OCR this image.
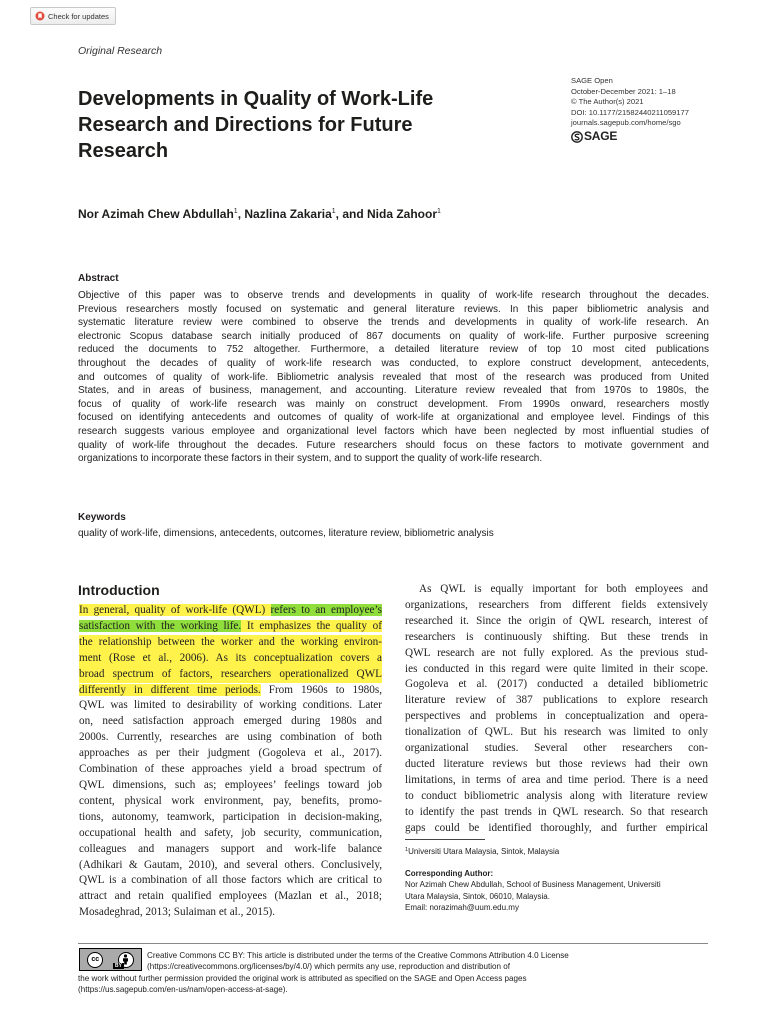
Check for updates
Original Research
Developments in Quality of Work-Life
Research and Directions for Future
Research
SAGE Open
October-December 2021: 1–18
© The Author(s) 2021
DOI: 10.1177/21582440211059177
journals.sagepub.com/home/sgo
SAGE
Nor Azimah Chew Abdullah$^1$, Nazlina Zakaria$^1$, and Nida Zahoor$^1$
Abstract
Objective of this paper was to observe trends and developments in quality of work-life research throughout the decades.
Previous researchers mostly focused on systematic and general literature reviews. In this paper bibliometric analysis and
systematic literature review were combined to observe the trends and developments in quality of work-life research. An
electronic Scopus database search initially produced of 867 documents on quality of work-life. Further purposive screening
reduced the documents to 752 altogether. Furthermore, a detailed literature review of top 10 most cited publications
throughout the decades of quality of work-life research was conducted, to explore construct development, antecedents,
and outcomes of quality of work-life. Bibliometric analysis revealed that most of the research was produced from United
States, and in areas of business, management, and accounting. Literature review revealed that from 1970s to 1980s, the
focus of quality of work-life research was mainly on construct development. From 1990s onward, researchers mostly
focused on identifying antecedents and outcomes of quality of work-life at organizational and employee level. Findings of this
research suggests various employee and organizational level factors which have been neglected by most influential studies of
quality of work-life throughout the decades. Future researchers should focus on these factors to motivate government and
organizations to incorporate these factors in their system, and to support the quality of work-life research.
Keywords
quality of work-life, dimensions, antecedents, outcomes, literature review, bibliometric analysis
Introduction
In general, quality of work-life (QWL) refers to an employee’s
satisfaction with the working life. It emphasizes the quality of
the relationship between the worker and the working environ-
ment (Rose et al., 2006). As its conceptualization covers a
broad spectrum of factors, researchers operationalized QWL
differently in different time periods. From 1960s to 1980s,
QWL was limited to desirability of working conditions. Later
on, need satisfaction approach emerged during 1980s and
2000s. Currently, researches are using combination of both
approaches as per their judgment (Gogoleva et al., 2017).
Combination of these approaches yield a broad spectrum of
QWL dimensions, such as; employees’ feelings toward job
content, physical work environment, pay, benefits, promo-
tions, autonomy, teamwork, participation in decision-making,
occupational health and safety, job security, communication,
colleagues and managers support and work-life balance
(Adhikari & Gautam, 2010), and several others. Conclusively,
QWL is a combination of all those factors which are critical to
attract and retain qualified employees (Mazlan et al., 2018;
Mosadeghrad, 2013; Sulaiman et al., 2015).
As QWL is equally important for both employees and
organizations, researchers from different fields extensively
researched it. Since the origin of QWL research, interest of
researchers is continuously shifting. But these trends in
QWL research are not fully explored. As the previous stud-
ies conducted in this regard were quite limited in their scope.
Gogoleva et al. (2017) conducted a detailed bibliometric
literature review of 387 publications to explore research
perspectives and problems in conceptualization and opera-
tionalization of QWL. But his research was limited to only
organizational studies. Several other researchers con-
ducted literature reviews but those reviews had their own
limitations, in terms of area and time period. There is a need
to conduct bibliometric analysis along with literature review
to identify the past trends in QWL research. So that research
gaps could be identified thoroughly, and further empirical
$^1$Universiti Utara Malaysia, Sintok, Malaysia
Corresponding Author:
Nor Azimah Chew Abdullah, School of Business Management, Universiti
Utara Malaysia, Sintok, 06010, Malaysia.
Email: norazimah@uum.edu.my
cc
BY
Creative Commons CC BY: This article is distributed under the terms of the Creative Commons Attribution 4.0 License
(https://creativecommons.org/licenses/by/4.0/) which permits any use, reproduction and distribution of
the work without further permission provided the original work is attributed as specified on the SAGE and Open Access pages
(https://us.sagepub.com/en-us/nam/open-access-at-sage).
